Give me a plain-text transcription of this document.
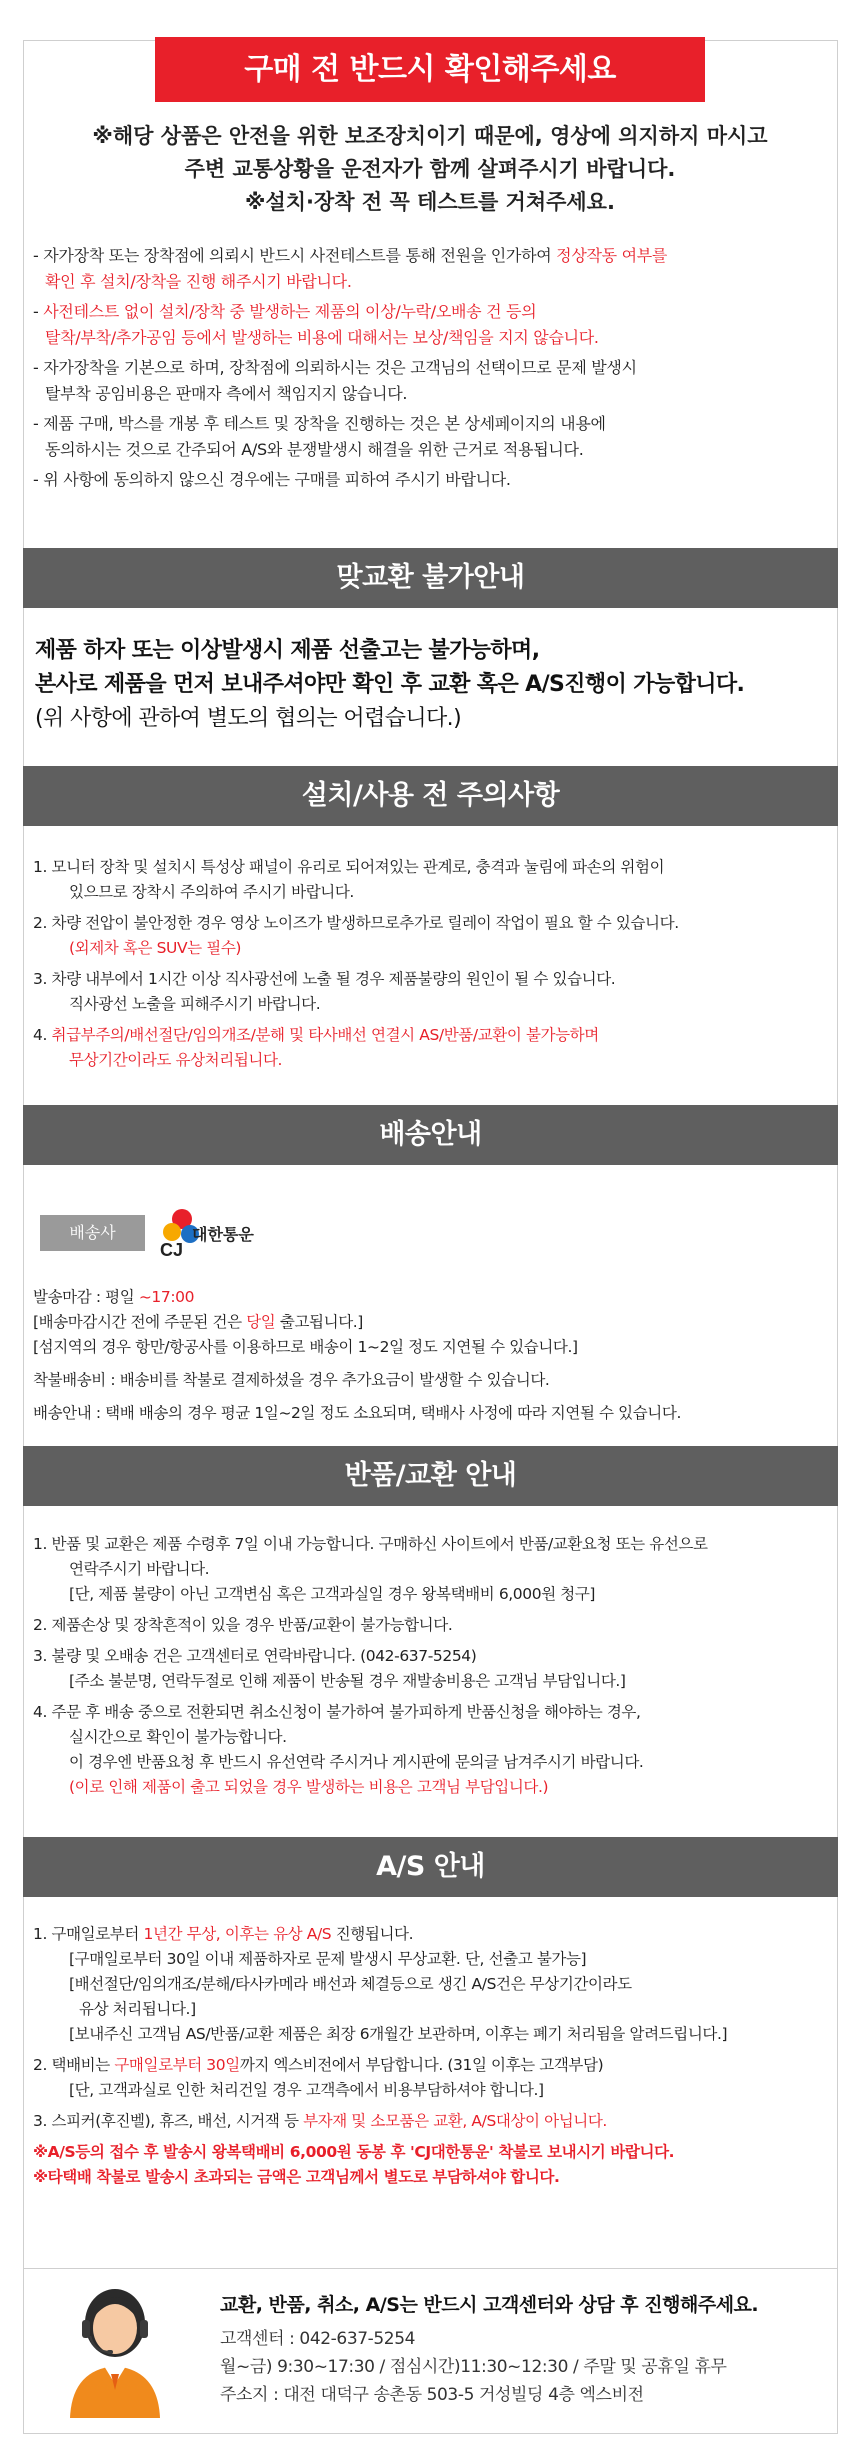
구매 전 반드시 확인해주세요
※해당 상품은 안전을 위한 보조장치이기 때문에, 영상에 의지하지 마시고
주변 교통상황을 운전자가 함께 살펴주시기 바랍니다.
※설치·장착 전 꼭 테스트를 거쳐주세요.
- 자가장착 또는 장착점에 의뢰시 반드시 사전테스트를 통해 전원을 인가하여 정상작동 여부를
확인 후 설치/장착을 진행 해주시기 바랍니다.
- 사전테스트 없이 설치/장착 중 발생하는 제품의 이상/누락/오배송 건 등의
탈착/부착/추가공임 등에서 발생하는 비용에 대해서는 보상/책임을 지지 않습니다.
- 자가장착을 기본으로 하며, 장착점에 의뢰하시는 것은 고객님의 선택이므로 문제 발생시
탈부착 공임비용은 판매자 측에서 책임지지 않습니다.
- 제품 구매, 박스를 개봉 후 테스트 및 장착을 진행하는 것은 본 상세페이지의 내용에
동의하시는 것으로 간주되어 A/S와 분쟁발생시 해결을 위한 근거로 적용됩니다.
- 위 사항에 동의하지 않으신 경우에는 구매를 피하여 주시기 바랍니다.
맞교환 불가안내
제품 하자 또는 이상발생시 제품 선출고는 불가능하며,
본사로 제품을 먼저 보내주셔야만 확인 후 교환 혹은 A/S진행이 가능합니다.
(위 사항에 관하여 별도의 협의는 어렵습니다.)
설치/사용 전 주의사항
1. 모니터 장착 및 설치시 특성상 패널이 유리로 되어져있는 관계로, 충격과 눌림에 파손의 위험이
있으므로 장착시 주의하여 주시기 바랍니다.
2. 차량 전압이 불안정한 경우 영상 노이즈가 발생하므로추가로 릴레이 작업이 필요 할 수 있습니다.
(외제차 혹은 SUV는 필수)
3. 차량 내부에서 1시간 이상 직사광선에 노출 될 경우 제품불량의 원인이 될 수 있습니다.
직사광선 노출을 피해주시기 바랍니다.
4. 취급부주의/배선절단/임의개조/분해 및 타사배선 연결시 AS/반품/교환이 불가능하며
무상기간이라도 유상처리됩니다.
배송안내
배송사
CJ
대한통운
발송마감 : 평일 ~17:00
[배송마감시간 전에 주문된 건은 당일 출고됩니다.]
[섬지역의 경우 항만/항공사를 이용하므로 배송이 1~2일 정도 지연될 수 있습니다.]
착불배송비 : 배송비를 착불로 결제하셨을 경우 추가요금이 발생할 수 있습니다.
배송안내 : 택배 배송의 경우 평균 1일~2일 정도 소요되며, 택배사 사정에 따라 지연될 수 있습니다.
반품/교환 안내
1. 반품 및 교환은 제품 수령후 7일 이내 가능합니다. 구매하신 사이트에서 반품/교환요청 또는 유선으로
연락주시기 바랍니다.
[단, 제품 불량이 아닌 고객변심 혹은 고객과실일 경우 왕복택배비 6,000원 청구]
2. 제품손상 및 장착흔적이 있을 경우 반품/교환이 불가능합니다.
3. 불량 및 오배송 건은 고객센터로 연락바랍니다. (042-637-5254)
[주소 불분명, 연락두절로 인해 제품이 반송될 경우 재발송비용은 고객님 부담입니다.]
4. 주문 후 배송 중으로 전환되면 취소신청이 불가하여 불가피하게 반품신청을 해야하는 경우,
실시간으로 확인이 불가능합니다.
이 경우엔 반품요청 후 반드시 유선연락 주시거나 게시판에 문의글 남겨주시기 바랍니다.
(이로 인해 제품이 출고 되었을 경우 발생하는 비용은 고객님 부담입니다.)
A/S 안내
1. 구매일로부터 1년간 무상, 이후는 유상 A/S 진행됩니다.
[구매일로부터 30일 이내 제품하자로 문제 발생시 무상교환. 단, 선출고 불가능]
[배선절단/임의개조/분해/타사카메라 배선과 체결등으로 생긴 A/S건은 무상기간이라도
유상 처리됩니다.]
[보내주신 고객님 AS/반품/교환 제품은 최장 6개월간 보관하며, 이후는 폐기 처리됨을 알려드립니다.]
2. 택배비는 구매일로부터 30일까지 엑스비전에서 부담합니다. (31일 이후는 고객부담)
[단, 고객과실로 인한 처리건일 경우 고객측에서 비용부담하셔야 합니다.]
3. 스피커(후진벨), 휴즈, 배선, 시거잭 등 부자재 및 소모품은 교환, A/S대상이 아닙니다.
※A/S등의 접수 후 발송시 왕복택배비 6,000원 동봉 후 'CJ대한통운' 착불로 보내시기 바랍니다.
※타택배 착불로 발송시 초과되는 금액은 고객님께서 별도로 부담하셔야 합니다.
교환, 반품, 취소, A/S는 반드시 고객센터와 상담 후 진행해주세요.
고객센터 : 042-637-5254
월~금) 9:30~17:30 / 점심시간)11:30~12:30 / 주말 및 공휴일 휴무
주소지 : 대전 대덕구 송촌동 503-5 거성빌딩 4층 엑스비전
